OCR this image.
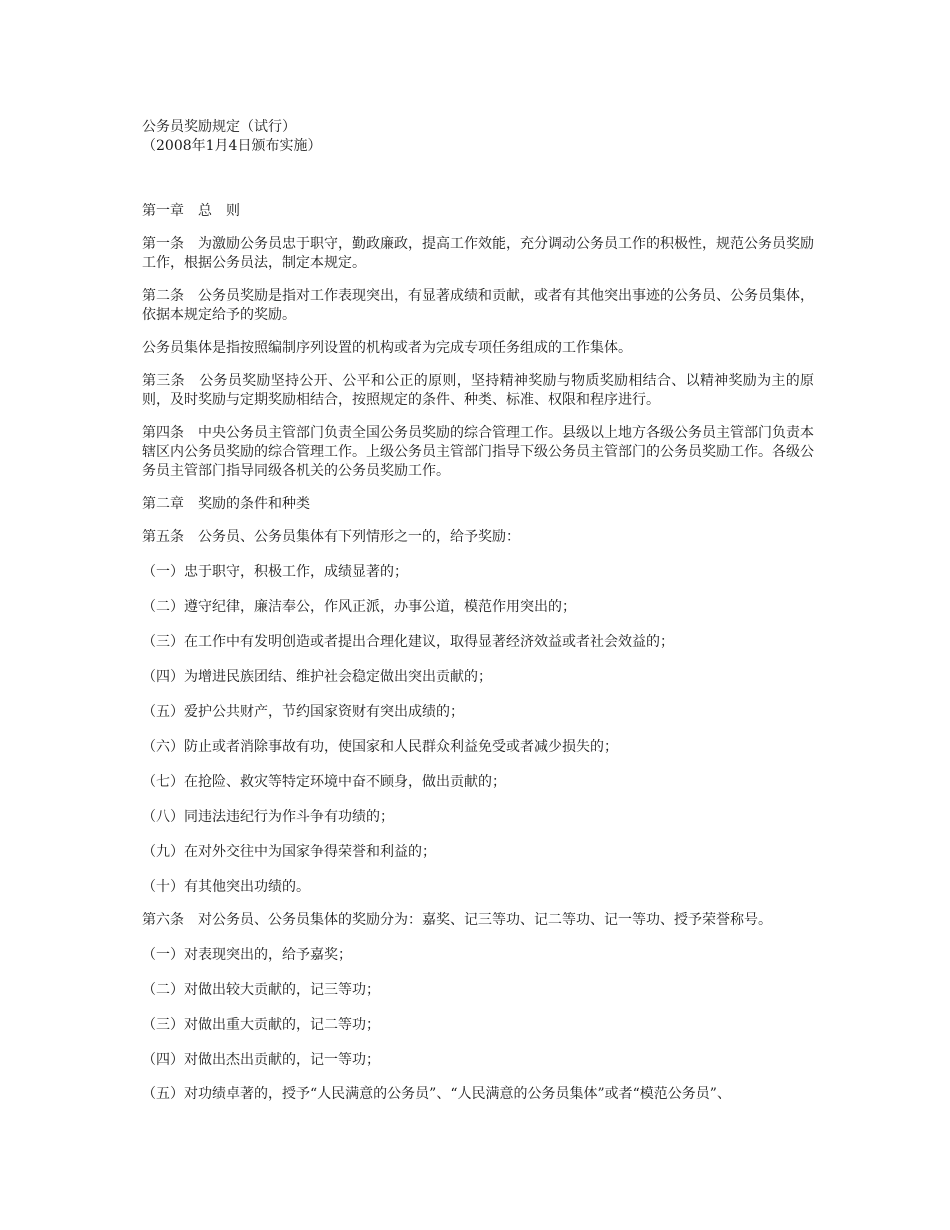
公务员奖励规定（试行）
（2008年1月4日颁布实施）

第一章　总　则

第一条　为激励公务员忠于职守，勤政廉政，提高工作效能，充分调动公务员工作的积极性，规范公务员奖励工作，根据公务员法，制定本规定。

第二条　公务员奖励是指对工作表现突出，有显著成绩和贡献，或者有其他突出事迹的公务员、公务员集体，依据本规定给予的奖励。

公务员集体是指按照编制序列设置的机构或者为完成专项任务组成的工作集体。

第三条　公务员奖励坚持公开、公平和公正的原则，坚持精神奖励与物质奖励相结合、以精神奖励为主的原则，及时奖励与定期奖励相结合，按照规定的条件、种类、标准、权限和程序进行。

第四条　中央公务员主管部门负责全国公务员奖励的综合管理工作。县级以上地方各级公务员主管部门负责本辖区内公务员奖励的综合管理工作。上级公务员主管部门指导下级公务员主管部门的公务员奖励工作。各级公务员主管部门指导同级各机关的公务员奖励工作。

第二章　奖励的条件和种类

第五条　公务员、公务员集体有下列情形之一的，给予奖励：

（一）忠于职守，积极工作，成绩显著的；

（二）遵守纪律，廉洁奉公，作风正派，办事公道，模范作用突出的；

（三）在工作中有发明创造或者提出合理化建议，取得显著经济效益或者社会效益的；

（四）为增进民族团结、维护社会稳定做出突出贡献的；

（五）爱护公共财产，节约国家资财有突出成绩的；

（六）防止或者消除事故有功，使国家和人民群众利益免受或者减少损失的；

（七）在抢险、救灾等特定环境中奋不顾身，做出贡献的；

（八）同违法违纪行为作斗争有功绩的；

（九）在对外交往中为国家争得荣誉和利益的；

（十）有其他突出功绩的。

第六条　对公务员、公务员集体的奖励分为：嘉奖、记三等功、记二等功、记一等功、授予荣誉称号。

（一）对表现突出的，给予嘉奖；

（二）对做出较大贡献的，记三等功；

（三）对做出重大贡献的，记二等功；

（四）对做出杰出贡献的，记一等功；

（五）对功绩卓著的，授予“人民满意的公务员”、“人民满意的公务员集体”或者“模范公务员”、
